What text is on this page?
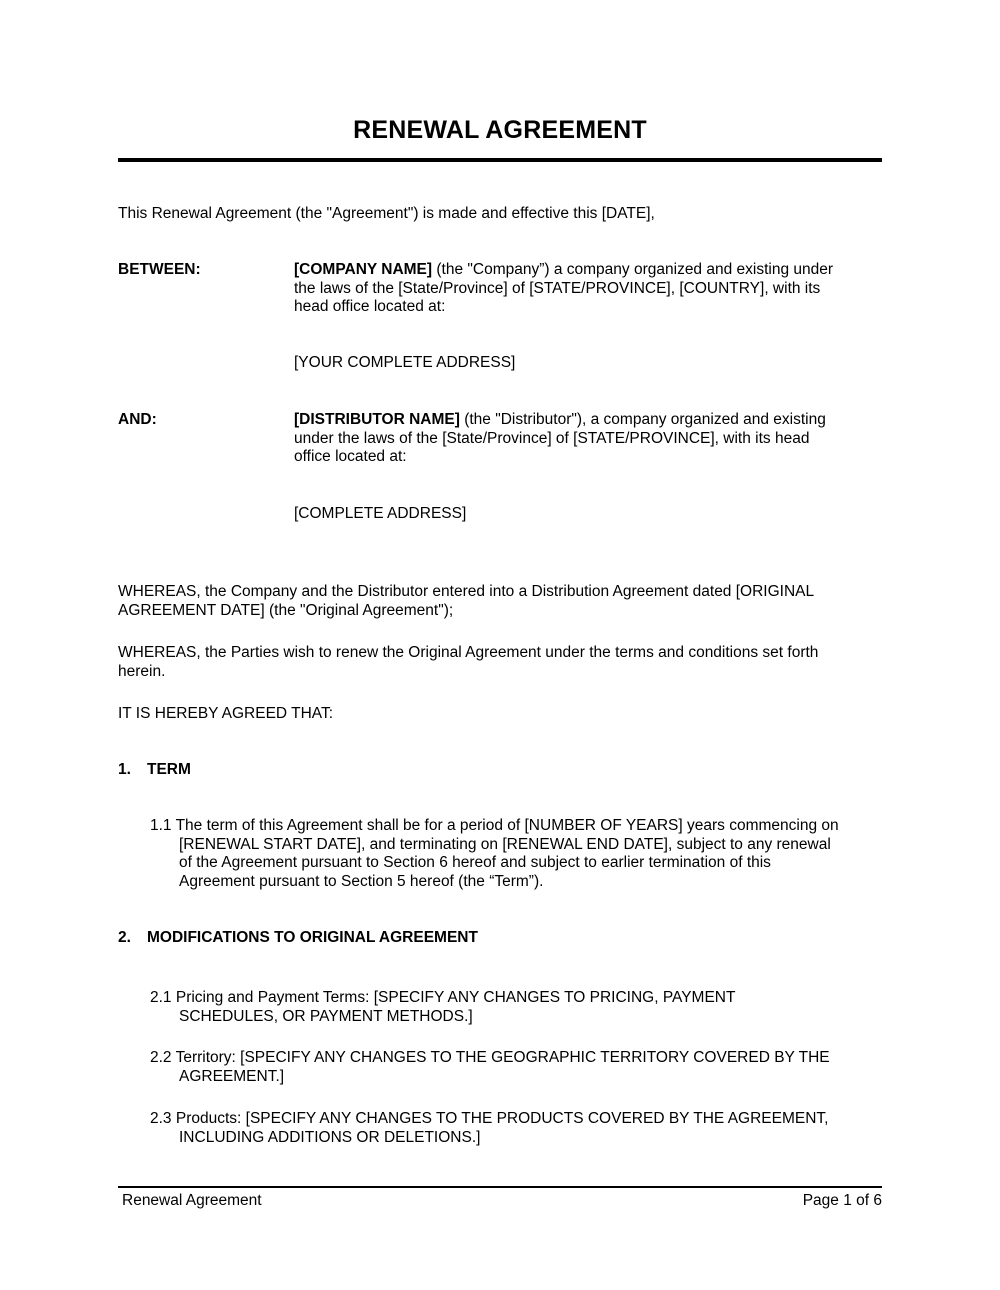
RENEWAL AGREEMENT
This Renewal Agreement (the "Agreement") is made and effective this [DATE],
BETWEEN:	[COMPANY NAME] (the "Company”) a company organized and existing under
the laws of the [State/Province] of [STATE/PROVINCE], [COUNTRY], with its
head office located at:
[YOUR COMPLETE ADDRESS]
AND:	[DISTRIBUTOR NAME] (the "Distributor"), a company organized and existing
under the laws of the [State/Province] of [STATE/PROVINCE], with its head
office located at:
[COMPLETE ADDRESS]
WHEREAS, the Company and the Distributor entered into a Distribution Agreement dated [ORIGINAL
AGREEMENT DATE] (the "Original Agreement");
WHEREAS, the Parties wish to renew the Original Agreement under the terms and conditions set forth
herein.
IT IS HEREBY AGREED THAT:
1. TERM
1.1 The term of this Agreement shall be for a period of [NUMBER OF YEARS] years commencing on
[RENEWAL START DATE], and terminating on [RENEWAL END DATE], subject to any renewal
of the Agreement pursuant to Section 6 hereof and subject to earlier termination of this
Agreement pursuant to Section 5 hereof (the “Term”).
2. MODIFICATIONS TO ORIGINAL AGREEMENT
2.1 Pricing and Payment Terms: [SPECIFY ANY CHANGES TO PRICING, PAYMENT
SCHEDULES, OR PAYMENT METHODS.]
2.2 Territory: [SPECIFY ANY CHANGES TO THE GEOGRAPHIC TERRITORY COVERED BY THE
AGREEMENT.]
2.3 Products: [SPECIFY ANY CHANGES TO THE PRODUCTS COVERED BY THE AGREEMENT,
INCLUDING ADDITIONS OR DELETIONS.]
Renewal Agreement	Page 1 of 6
